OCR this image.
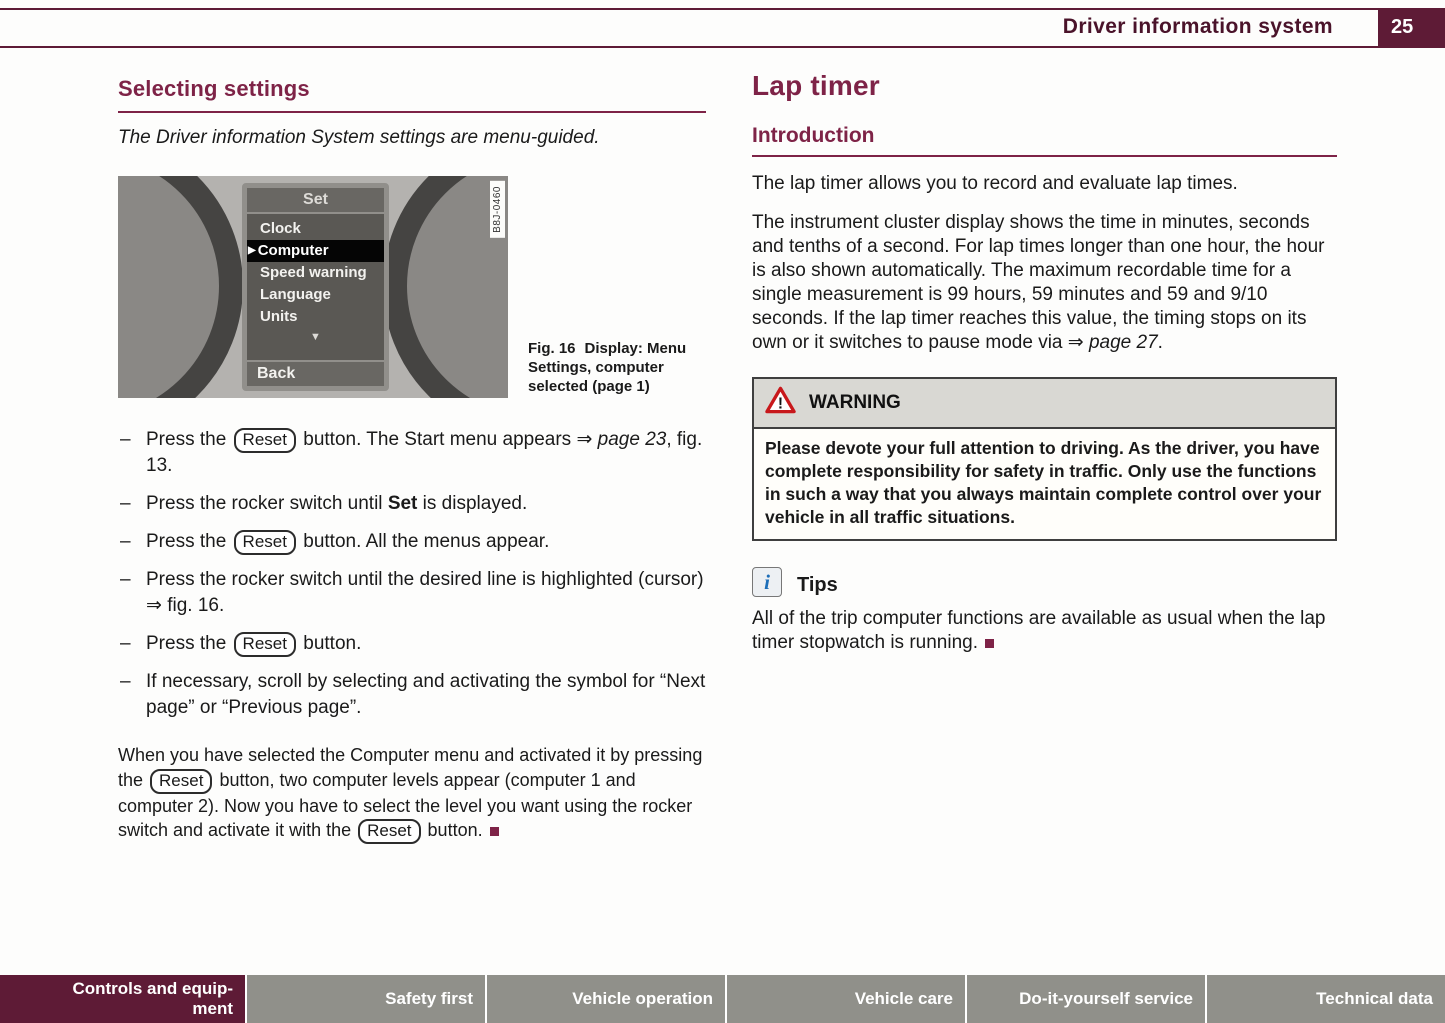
Driver information system	25
Selecting settings

The Driver information System settings are menu-guided.

Set
Clock
▶ Computer
Speed warning
Language
Units
▼
Back
B8J-0460
Fig. 16 Display: Menu Settings, computer selected (page 1)
– Press the Reset button. The Start menu appears ⇒ page 23, fig. 13.
– Press the rocker switch until Set is displayed.
– Press the Reset button. All the menus appear.
– Press the rocker switch until the desired line is highlighted (cursor) ⇒ fig. 16.
– Press the Reset button.
– If necessary, scroll by selecting and activating the symbol for “Next page” or “Previous page”.

When you have selected the Computer menu and activated it by pressing the Reset button, two computer levels appear (computer 1 and computer 2). Now you have to select the level you want using the rocker switch and activate it with the Reset button.

Lap timer
Introduction

The lap timer allows you to record and evaluate lap times.

The instrument cluster display shows the time in minutes, seconds and tenths of a second. For lap times longer than one hour, the hour is also shown automatically. The maximum recordable time for a single measurement is 99 hours, 59 minutes and 59 and 9/10 seconds. If the lap timer reaches this value, the timing stops on its own or it switches to pause mode via ⇒ page 27.

! WARNING
Please devote your full attention to driving. As the driver, you have complete responsibility for safety in traffic. Only use the functions in such a way that you always maintain complete control over your vehicle in all traffic situations.
i	Tips

All of the trip computer functions are available as usual when the lap timer stopwatch is running.

Controls and equip-
ment
Safety first	Vehicle operation	Vehicle care	Do-it-yourself service	Technical data
